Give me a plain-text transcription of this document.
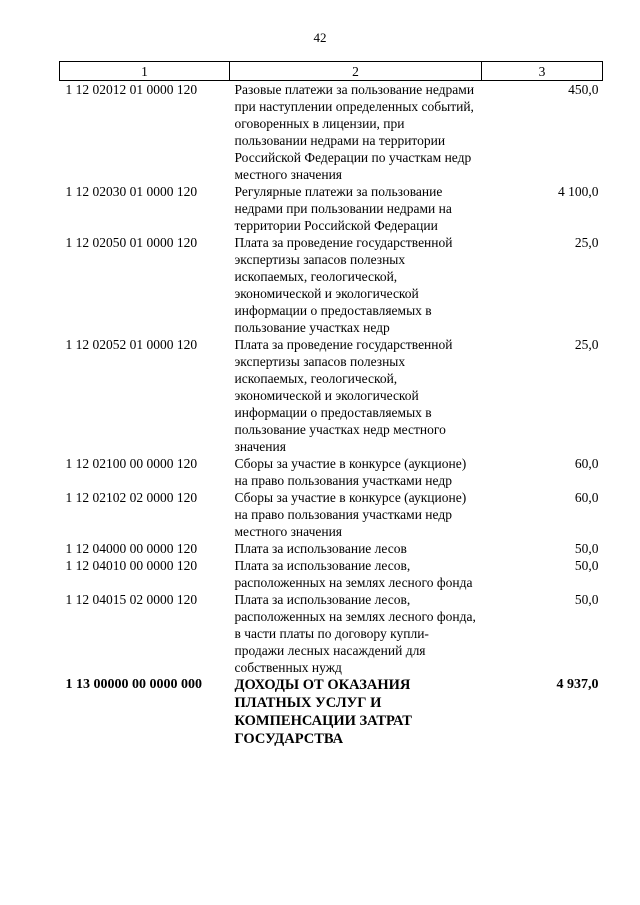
42
1	2	3
1 12 02012 01 0000 120	Разовые платежи за пользование недрами при наступлении определенных событий, оговоренных в лицензии, при пользовании недрами на территории Российской Федерации по участкам недр местного значения	450,0
1 12 02030 01 0000 120	Регулярные платежи за пользование недрами при пользовании недрами на территории Российской Федерации	4 100,0
1 12 02050 01 0000 120	Плата за проведение государственной экспертизы запасов полезных ископаемых, геологической, экономической и экологической информации о предоставляемых в пользование участках недр	25,0
1 12 02052 01 0000 120	Плата за проведение государственной экспертизы запасов полезных ископаемых, геологической, экономической и экологической информации о предоставляемых в пользование участках недр местного значения	25,0
1 12 02100 00 0000 120	Сборы за участие в конкурсе (аукционе) на право пользования участками недр	60,0
1 12 02102 02 0000 120	Сборы за участие в конкурсе (аукционе) на право пользования участками недр местного значения	60,0
1 12 04000 00 0000 120	Плата за использование лесов	50,0
1 12 04010 00 0000 120	Плата за использование лесов, расположенных на землях лесного фонда	50,0
1 12 04015 02 0000 120	Плата за использование лесов, расположенных на землях лесного фонда, в части платы по договору купли-продажи лесных насаждений для собственных нужд	50,0
1 13 00000 00 0000 000	ДОХОДЫ ОТ ОКАЗАНИЯ ПЛАТНЫХ УСЛУГ И КОМПЕНСАЦИИ ЗАТРАТ ГОСУДАРСТВА	4 937,0
